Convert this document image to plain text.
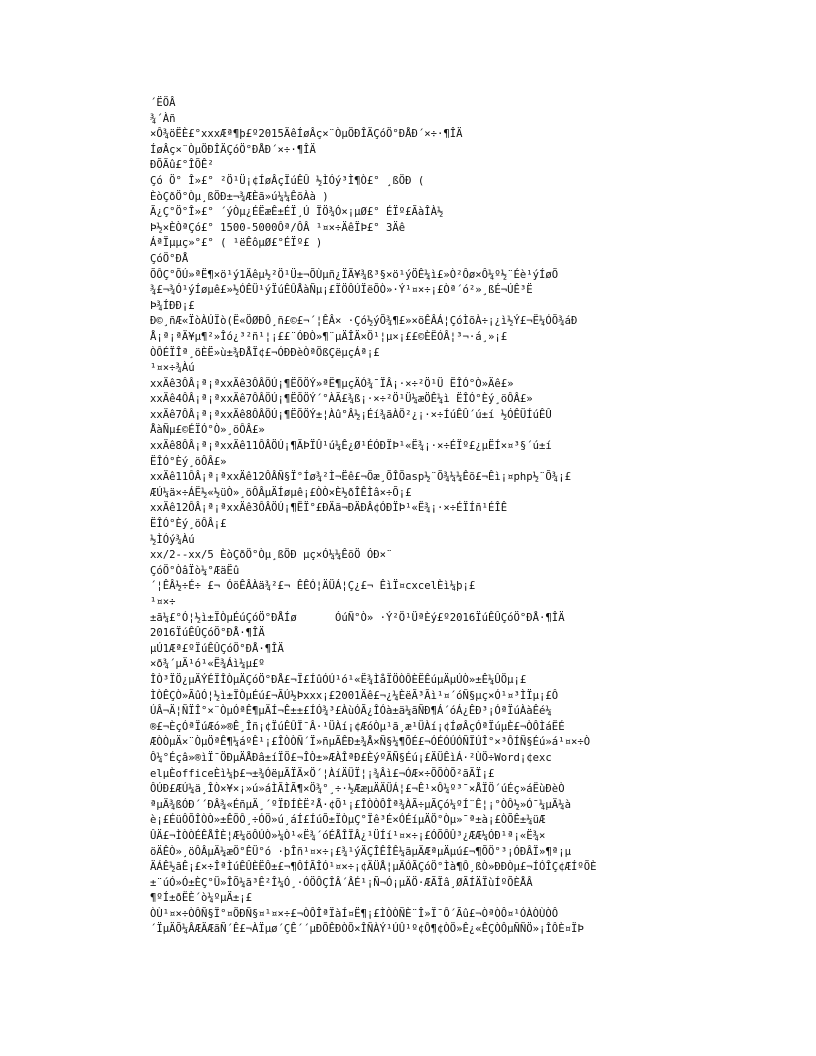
´ËÖÂ
¾´Àñ
×Ô¾öËÈ£°xxxÆª¶þ£º2015ÄêÍøÂç×¨ÒµÖÐÎÄÇóÖ°ÐÅÐ´×÷·¶ÎÄ
ÍøÂç×¨ÒµÖÐÎÄÇóÖ°ÐÅÐ´×÷·¶ÎÄ
ÐÕÃû£°ÎÕÊ²
Çó Ö° Î»£° ²Ö¹Ü¡¢ÍøÂçÏúÊÛ ½ÌÓý³Ì¶Ò£° ¸ßÖÐ (
ÈòÇðÖ°Òµ¸ßÖÐ±¬¾ÆÈã»ú¼¼ÊõÀà )
Ã¿Ç°Ö°Î»£° ´ýÒµ¿ÉËæÊ±ÉÏ¸Ú ÏÖ¾Ó×¡µØ£° ÉÏº£ÃàÎÀ½
Þ½×ÈÒªÇó£° 1500-5000Ôª/ÔÂ ¹¤×÷ÄêÏÞ£° 3Äê
ÁªÏµµç»°£° ( ¹ëÊôµØ£°ÉÏº£ )
ÇóÖ°ÐÅ
ÕÔÇ°ÕÚ»ªË¶×ö¹ý1Äêµ½²Ö¹Ü±¬ÕÙµñ¿ÏÃ¥¾ß³§×ö¹ýÖÊ¼ì£»Ò²Ôø×Ô¼º½¨Éè¹ýÍøÕ
¾£¬¾Ó¹ýÍøµê£»½ÓÊÜ¹ýÏúÊÛÅàÑµ¡£ÏÖÔÚÏëÕÒ»·Ý¹¤×÷¡£Òª´ó²»¸ßÉ¬ÚÊ³Ë
Þ¾ÍÐÐ¡£
Ð©¸ñÆ«ÏòÀÚÏò(Ë«ÖØÐÔ¸ñ£©£¬´¦ÊÂ× ·Çó½ýÕ¾¶£»×öÊÂÁ¦ÇóÌõÀ÷¡¿ì½Ý£¬Ë¼ÓÕ¾áÐ
Å¡ª¡ªÄ¥µ¶²»Îó¿³²ñ¹¦¡££¨ÓÐÒ»¶¨µÄÎÄ×Ö¹¦µ×¡££©ÈËÓÂ¦³¬·á¸»¡£
ÒÔÉÏÎª¸öÈË»ù±¾ÐÅÏ¢£¬ÓÐÐèÒªÖßÇëµçÁª¡£
¹¤×÷¾Àú
xxÄê3ÔÂ¡ª¡ªxxÄê3ÔÂÖÚ¡¶ËÕÖÝ»ªË¶µçÄÓ¾¯ÏÂ¡·×÷²Ö¹Ü ËÎÓ°Ò»Äê£»
xxÄê4ÔÂ¡ª¡ªxxÄê7ÔÂÖÚ¡¶ËÕÖÝ´°ÀÃ£¾ß¡·×÷²Ö¹Ü¼æÖÊ¼ì ËÎÓ°Èý¸öÔÂ£»
xxÄê7ÔÂ¡ª¡ªxxÄê8ÔÂÖÚ¡¶ËÕÖÝ±¦Àû°Â½¡Éí¾ãÀÖ²¿¡·×÷ÍúÊÛ´ú±í ½ÓÊÜÍúÊÛ
ÅàÑµ£©ÉÏÓ°Ò»¸öÔÂ£»
xxÄê8ÔÂ¡ª¡ªxxÄê11ÔÂÖÚ¡¶ÃÞÏÛ¹ú¼Ê¿Ø¹ÉÓÐÏÞ¹«Ë¾¡·×÷ÉÏº£¿µËÍ×¤³§´ú±í
ËÎÓ°Èý¸öÔÂ£»
xxÄê11ÔÂ¡ª¡ªxxÄê12ÔÂÑ§Ï°Íø¾²Ì¬Ëê£¬Õæ¸ÕÎÕasp½¨Õ¾¼¼Êõ£¬Êì¡¤php½¨Õ¾¡£
ÆÚ¼ä×÷ÁË½«½üÒ»¸öÔÂµÄÍøµê¡£ÒÒ×È½ðÎÊÌâ×÷Õ¡£
xxÄê12ÔÂ¡ª¡ªxxÄê3ÔÂÖÚ¡¶ËÏ°£ÐÄã¬ÐÄÐÂ¢ÓÐÏÞ¹«Ë¾¡·×÷ÉÏÍñ¹ÉÎÊ
ËÎÓ°Èý¸öÔÂ¡£
½ÌÓý¾Àú
xx/2--xx/5 ÈòÇðÖ°Òµ¸ßÖÐ µç×Ó¼¼ÊõÖ ÓÐ×¨
ÇóÖ°ÒâÏò¼°ÆäËû
´¦ÊÂ½÷É÷ £¬ ÓöÊÂÀä¾²£¬ ÊÊÓ¦ÄÜÁ¦Ç¿£¬ ÊìÏ¤cxcelÈì¼þ¡£
¹¤×÷
±ã¼£°Ó¦½ì±ÏÒµÉúÇóÖ°ÐÅÍø      ÓúÑ°Ò» ·Ý²Ö¹ÜªÈý£º2016ÏúÊÛÇóÖ°ÐÅ·¶ÎÄ
2016ÏúÊÛÇóÖ°ÐÅ·¶ÎÄ
µÚ1Æª£ºÏúÊÛÇóÖ°ÐÅ·¶ÎÄ
×ð¾´µÄ¹ó¹«Ë¾Áì¼µ£º
ÎÒ³ÏÖ¿µÄÝÉÏÎÒµÄÇóÖ°ÐÅ£¬Ï£ÍûÓÚ¹ó¹«Ë¾ÌåÏÖÒÔÈËÊúµÄµÚÒ»±Ê¼ÛÖµ¡£
ÌÒÊÇÒ»ÃûÓ¦½ì±ÏÒµÉú£¬ÃÚ½Þxxx¡£2001Äê£¬¿¼ÈëÃ³Ãì¹¤´óÑ§µç×Ó¹¤³ÌÏµ¡£Ô
ÚÂ¬Ä¦ÑÏÎ°×¨ÒµÓªÊ¶µÄÍ¬Ê±±£ÍÓ¾³£ÀùÓÃ¿ÎÓà±ä¼ãÑÐ¶Á´óÁ¿ÊÐ³¡ÓªÏúÀàÊé¼
®£¬ÈçÓªÏúÆó»®Ê¸Îñ¡¢ÏúÊÛÏ¯Â·¹ÜÀí¡¢ÆóÒµ¹ã¸æ¹ÜÀí¡¢ÍøÂçÓªÏúµÈ£¬ÒÔÌáËÉ
ÆÒÒµÄ×¨ÒµÖªÊ¶¼áºÊ¹¡£ÎÒÒÑ´Ï»ñµÃÊÐ±¾Å×Ñ§¼¶ÕÉ£¬ÓÉÓÚÓÑÏÚÎ°×³ÔÍÑ§Éú»á¹¤×÷Ò
Ô¼°Éçâ»®ìÏ¯ÖÐµÄÅÐâ±íÏÖ£¬ÎÒ±»ÆÀÎªÐ£ÈýºÃÑ§Éú¡£ÄÜÊìÁ·²ÙÖ÷Word¡¢exc
elµÈofficeÈì¼þ£¬±¾ÓëµÃÏÄ×Ö´¦ÀíÄÜÏ¦¡¾Âì£¬ÓÆ×÷ÕÕÒÕ²ãÃÏ¡£
ÔÚÐ£ÆÚ¼ä¸ÎÒ×¥×¡»ú»áÌÃÌÃ¶×Ö¾°¸÷·½ÆæµÄÄÜÁ¦£¬Ê¹×Ô¼º³¯×ÅÏÖ´úÉç»áËùÐèÒ
ªµÄ¾ßÓÐ´´ÐÂ¾«ÉñµÄ¸´ºÏÐÍÈË²Å·¢Õ¹¡£ÎÒÒÔÎª¾ÀÃ÷µÃÇó¼ºÍ¨Ê¦¡°ÒÔ½»Ó¯¼µÄ¼à
è¡£ÉüÔÕÎÒÒ»±ÊÕÔ¸÷ÓÖ»ú¸áÍ£ÍúÕ±ÏÒµÇ°Ïê³É×ÓÉíµÄÖ°Òµ»¯ª±à¡£ÒÕÊ±¼üÆ
ÛÄ£¬ÌÒÒÉÊÅÎÈ¦Æ¼öÔÚÒ»¼Ò¹«Ë¾´óÉÅÎÏÂ¿¹ÜÍí¹¤×÷¡£ÓÕÔÛ³¿ÆÆ¼ÓÐ¹ª¡«Ë¾×
öÄÊÒ»¸öÔÂµÄ¼æÖ°ÊÜ°ó ·þÎñ¹¤×÷¡£¾¹ýÄÇÎÊÎÊ¼ãµÄÆªµÄµú£¬¶ÕÖ°³¡ÓÐÂÏ»¶ª¡µ
ÄÁÊ½ãÊ¡£×÷ÎªÌúÊÛÈËÔ±£¬¶ÔÍÃÎÓ¹¤×÷¡¢ÄÜÅ¦µÄÓÃÇóÖ°Ìà¶Ô¸ßÒ»ÐÐÒµ£¬ÍÓÎÇ¢ÆÍºÕÈ
±¨úÓ»Ó±ÈÇ°Ü»ÎÕ¼ã³Ê²Î¼Ó¸·ÓÖÔÇÎÂ´ÂÉ¹¡Ñ¬Ó¡µÄÖ·ÆÃÏâ¸ØÃÍÄÏùÍºÕÈÅÂ
¶ºÍ±ðËÈ´ò¼ºµÄ±¡£
ÒÙ¹¤×÷ÒÔÑ§Ï°¤ÖÐÑ§¤¹¤×÷£¬ÒÔÎªÏàÍ¤Ë¶¡£ÌÒÒÑÈ¨Î»Ï¯Ô´Ãû£¬ÒªÒÔ¤¹ÓÀÒÙÒÔ
´ÏµÄÕ¼ÂÆÄÆãÑ´Ê£¬ÀÏµø´ÇÊ´´µÐÕÊÐÒÕ×ÎÑÀÝ¹ÚÛ¹º¢Ô¶¢ÒÖ»Ê¿«ÊÇÒÔµÑÑÖ»¡ÎÔÈ¤ÏÞ
